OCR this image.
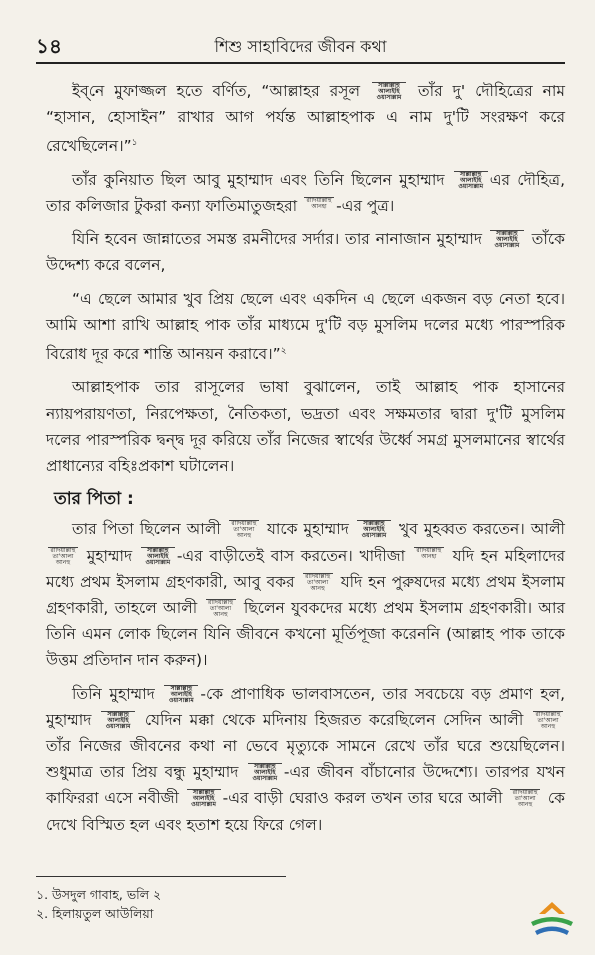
১৪	শিশু সাহাবিদের জীবন কথা

ইব্‌নে মুফাজ্জল হতে বর্ণিত, “আল্লাহর রসূল	সাল্লাল্লাহু আলাইহি ওয়াসাল্লাম তাঁর দু' দৌহিত্রের নাম “হাসান, হোসাইন” রাখার আগ পর্যন্ত আল্লাহপাক এ নাম দু'টি সংরক্ষণ করে রেখেছিলেন।”$^১$

তাঁর কুনিয়াত ছিল আবু মুহাম্মাদ এবং তিনি ছিলেন মুহাম্মাদ	সাল্লাল্লাহু আলাইহি ওয়াসাল্লাম এর দৌহিত্র, তার কলিজার টুকরা কন্যা ফাতিমাতুজহরা রাদিয়াল্লাহু আনহা -এর পুত্র।

যিনি হবেন জান্নাতের সমস্ত রমনীদের সর্দার। তার নানাজান মুহাম্মাদ সাল্লাল্লাহু আলাইহি ওয়াসাল্লাম তাঁকে উদ্দেশ্য করে বলেন,

“এ ছেলে আমার খুব প্রিয় ছেলে এবং একদিন এ ছেলে একজন বড় নেতা হবে। আমি আশা রাখি আল্লাহ পাক তাঁর মাধ্যমে দু'টি বড় মুসলিম দলের মধ্যে পারস্পরিক বিরোধ দূর করে শান্তি আনয়ন করাবে।”$^২$

আল্লাহপাক তার রাসূলের ভাষা বুঝালেন, তাই আল্লাহ পাক হাসানের ন্যায়পরায়ণতা, নিরপেক্ষতা, নৈতিকতা, ভদ্রতা এবং সক্ষমতার দ্বারা দু'টি মুসলিম দলের পারস্পরিক দ্বন্দ্ব দূর করিয়ে তাঁর নিজের স্বার্থের উর্ধ্বে সমগ্র মুসলমানের স্বার্থের প্রাধান্যের বহিঃপ্রকাশ ঘটালেন।

তার পিতা :

তার পিতা ছিলেন আলী রাদিয়াল্লাহু তা'আলা আনহু যাকে মুহাম্মাদ সাল্লাল্লাহু আলাইহি ওয়াসাল্লাম খুব মুহব্বত করতেন। আলী রাদিয়াল্লাহু তা'আলা আনহু মুহাম্মাদ সাল্লাল্লাহু আলাইহি ওয়াসাল্লাম -এর বাড়ীতেই বাস করতেন। খাদীজা রাদিয়াল্লাহু আনহা যদি হন মহিলাদের মধ্যে প্রথম ইসলাম গ্রহণকারী, আবু বকর রাদিয়াল্লাহু তা'আলা আনহু যদি হন পুরুষদের মধ্যে প্রথম ইসলাম গ্রহণকারী, তাহলে আলী রাদিয়াল্লাহু তা'আলা আনহু ছিলেন যুবকদের মধ্যে প্রথম ইসলাম গ্রহণকারী। আর তিনি এমন লোক ছিলেন যিনি জীবনে কখনো মূর্তিপূজা করেননি (আল্লাহ পাক তাকে উত্তম প্রতিদান দান করুন)।

তিনি মুহাম্মাদ	সাল্লাল্লাহু আলাইহি ওয়াসাল্লাম -কে প্রাণাধিক ভালবাসতেন, তার সবচেয়ে বড় প্রমাণ হল, মুহাম্মাদ	সাল্লাল্লাহু আলাইহি ওয়াসাল্লাম যেদিন মক্কা থেকে মদিনায় হিজরত করেছিলেন সেদিন আলী রাদিয়াল্লাহু তা'আলা আনহু তাঁর নিজের জীবনের কথা না ভেবে মৃত্যুকে সামনে রেখে তাঁর ঘরে শুয়েছিলেন। শুধুমাত্র তার প্রিয় বন্ধু মুহাম্মাদ	সাল্লাল্লাহু আলাইহি ওয়াসাল্লাম -এর জীবন বাঁচানোর উদ্দেশ্যে। তারপর যখন কাফিররা এসে নবীজী সাল্লাল্লাহু আলাইহি ওয়াসাল্লাম -এর বাড়ী ঘেরাও করল তখন তার ঘরে আলী রাদিয়াল্লাহু তা'আলা আনহু কে দেখে বিস্মিত হল এবং হতাশ হয়ে ফিরে গেল।

১. উসদুল গাবাহ, ভলি ২
২. হিলায়তুল আউলিয়া
